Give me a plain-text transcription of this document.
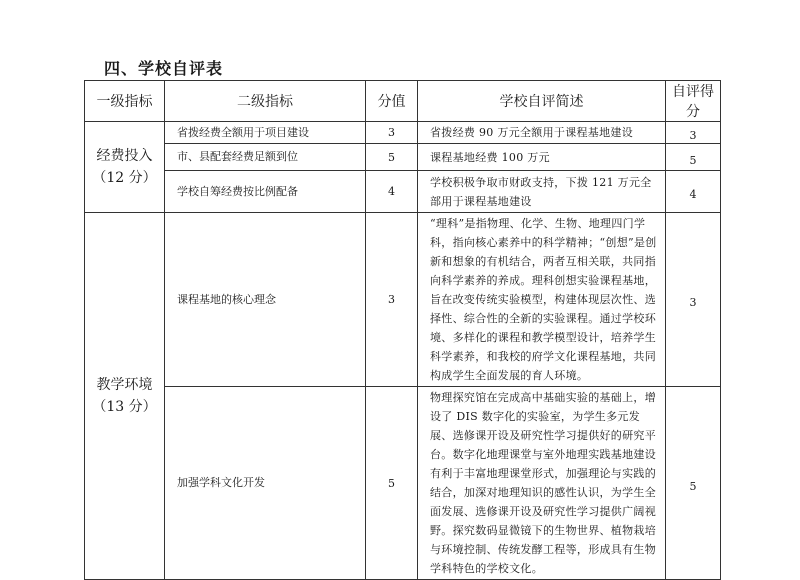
四、学校自评表
一级指标	二级指标	分值	学校自评简述	自评得分

经费投入
（12 分）	省拨经费全额用于项目建设	3	省拨经费 90 万元全额用于课程基地建设	3
	市、县配套经费足额到位	5	课程基地经费 100 万元	5
	学校自筹经费按比例配备	4	学校积极争取市财政支持，下拨 121 万元全部用于课程基地建设	4

教学环境
（13 分）	课程基地的核心理念	3	“理科”是指物理、化学、生物、地理四门学科，指向核心素养中的科学精神；“创想”是创新和想象的有机结合，两者互相关联，共同指向科学素养的养成。理科创想实验课程基地，旨在改变传统实验模型，构建体现层次性、选择性、综合性的全新的实验课程。通过学校环境、多样化的课程和教学模型设计，培养学生科学素养，和我校的府学文化课程基地，共同构成学生全面发展的育人环境。	3
	加强学科文化开发	5	物理探究馆在完成高中基础实验的基础上，增设了 DIS 数字化的实验室，为学生多元发展、选修课开设及研究性学习提供好的研究平台。数字化地理课堂与室外地理实践基地建设有利于丰富地理课堂形式，加强理论与实践的结合，加深对地理知识的感性认识，为学生全面发展、选修课开设及研究性学习提供广阔视野。探究数码显微镜下的生物世界、植物栽培与环境控制、传统发酵工程等，形成具有生物学科特色的学校文化。	5
